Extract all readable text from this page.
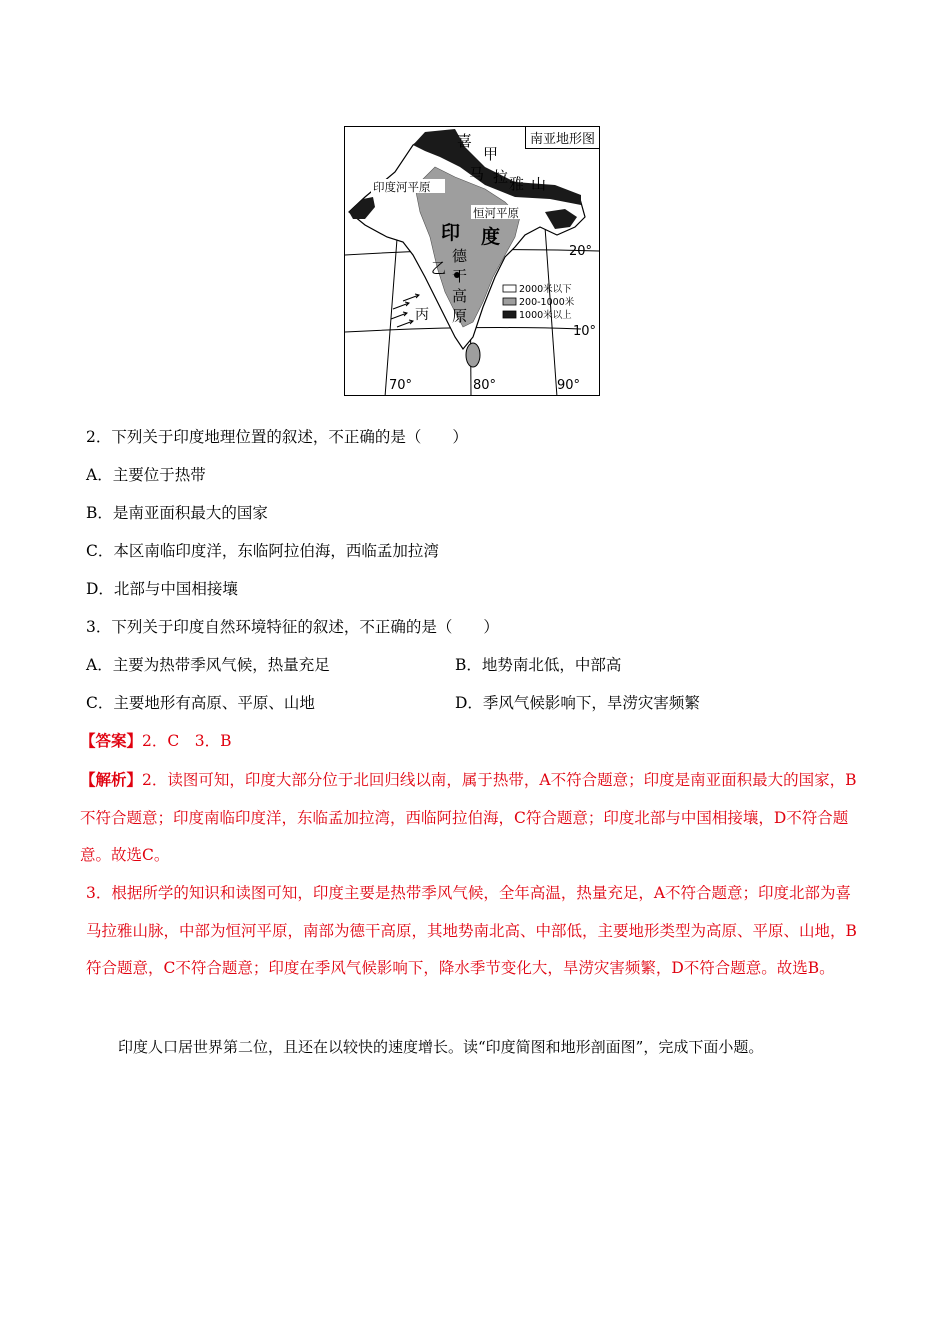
2000米以下
200-1000米
1000米以上
喜
甲
马 拉 雅 山
印度河平原
恒河平原
印 度
德
干
高
原
乙
丙
20°
10°
70°	80°	90°
南亚地形图
2．下列关于印度地理位置的叙述，不正确的是（　　）
A．主要位于热带
B．是南亚面积最大的国家
C．本区南临印度洋，东临阿拉伯海，西临孟加拉湾
D．北部与中国相接壤
3．下列关于印度自然环境特征的叙述，不正确的是（　　）
A．主要为热带季风气候，热量充足	B．地势南北低，中部高
C．主要地形有高原、平原、山地	D．季风气候影响下，旱涝灾害频繁
【答案】2．C　3．B
【解析】2．读图可知，印度大部分位于北回归线以南，属于热带，A不符合题意；印度是南亚面积最大的国家，B不符合题意；印度南临印度洋，东临孟加拉湾，西临阿拉伯海，C符合题意；印度北部与中国相接壤，D不符合题意。故选C。
3．根据所学的知识和读图可知，印度主要是热带季风气候，全年高温，热量充足，A不符合题意；印度北部为喜马拉雅山脉，中部为恒河平原，南部为德干高原，其地势南北高、中部低，主要地形类型为高原、平原、山地，B符合题意，C不符合题意；印度在季风气候影响下，降水季节变化大，旱涝灾害频繁，D不符合题意。故选B。
印度人口居世界第二位，且还在以较快的速度增长。读“印度简图和地形剖面图”，完成下面小题。
